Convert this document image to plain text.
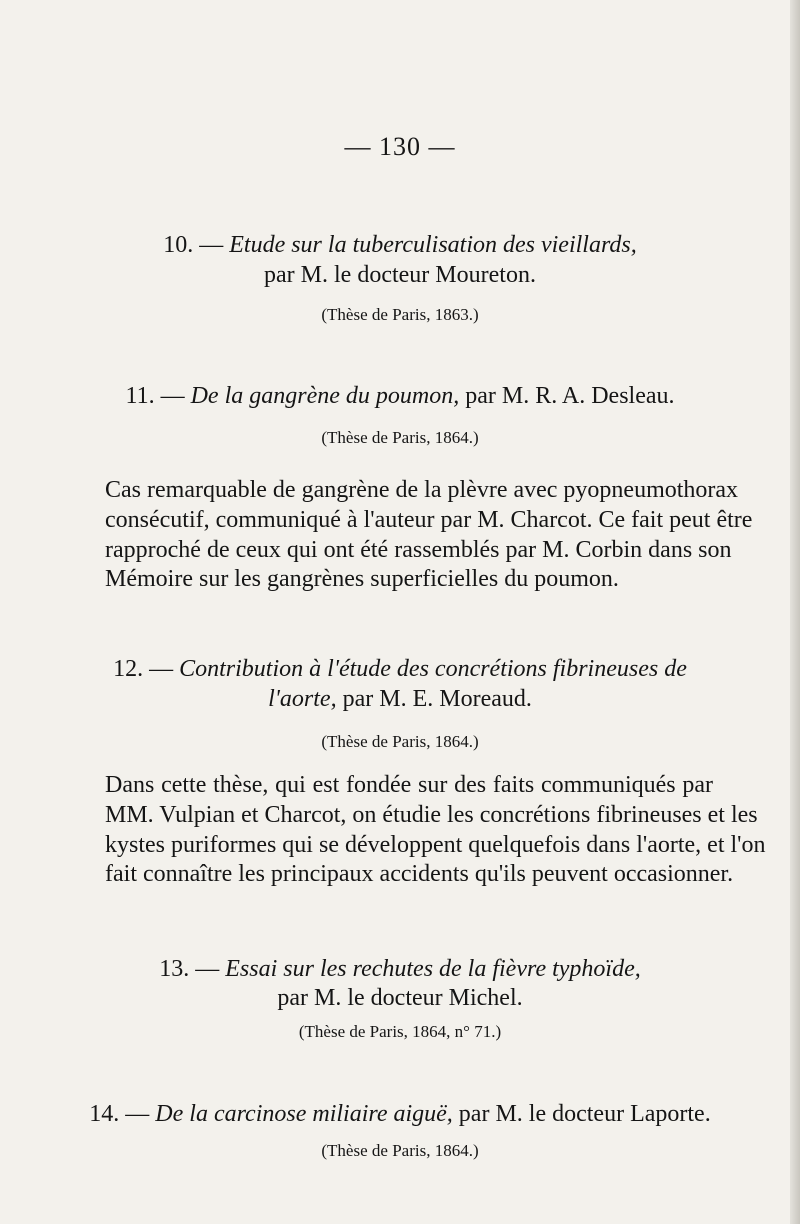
— 130 —
10. — Etude sur la tuberculisation des vieillards,
par M. le docteur Moureton.
(Thèse de Paris, 1863.)
11. — De la gangrène du poumon, par M. R. A. Desleau.
(Thèse de Paris, 1864.)
Cas remarquable de gangrène de la plèvre avec pyopneumothorax
consécutif, communiqué à l'auteur par M. Charcot. Ce fait peut être
rapproché de ceux qui ont été rassemblés par M. Corbin dans son
Mémoire sur les gangrènes superficielles du poumon.
12. — Contribution à l'étude des concrétions fibrineuses de
l'aorte, par M. E. Moreaud.
(Thèse de Paris, 1864.)
Dans cette thèse, qui est fondée sur des faits communiqués par
MM. Vulpian et Charcot, on étudie les concrétions fibrineuses et les
kystes puriformes qui se développent quelquefois dans l'aorte, et l'on
fait connaître les principaux accidents qu'ils peuvent occasionner.
13. — Essai sur les rechutes de la fièvre typhoïde,
par M. le docteur Michel.
(Thèse de Paris, 1864, n° 71.)
14. — De la carcinose miliaire aiguë, par M. le docteur Laporte.
(Thèse de Paris, 1864.)
